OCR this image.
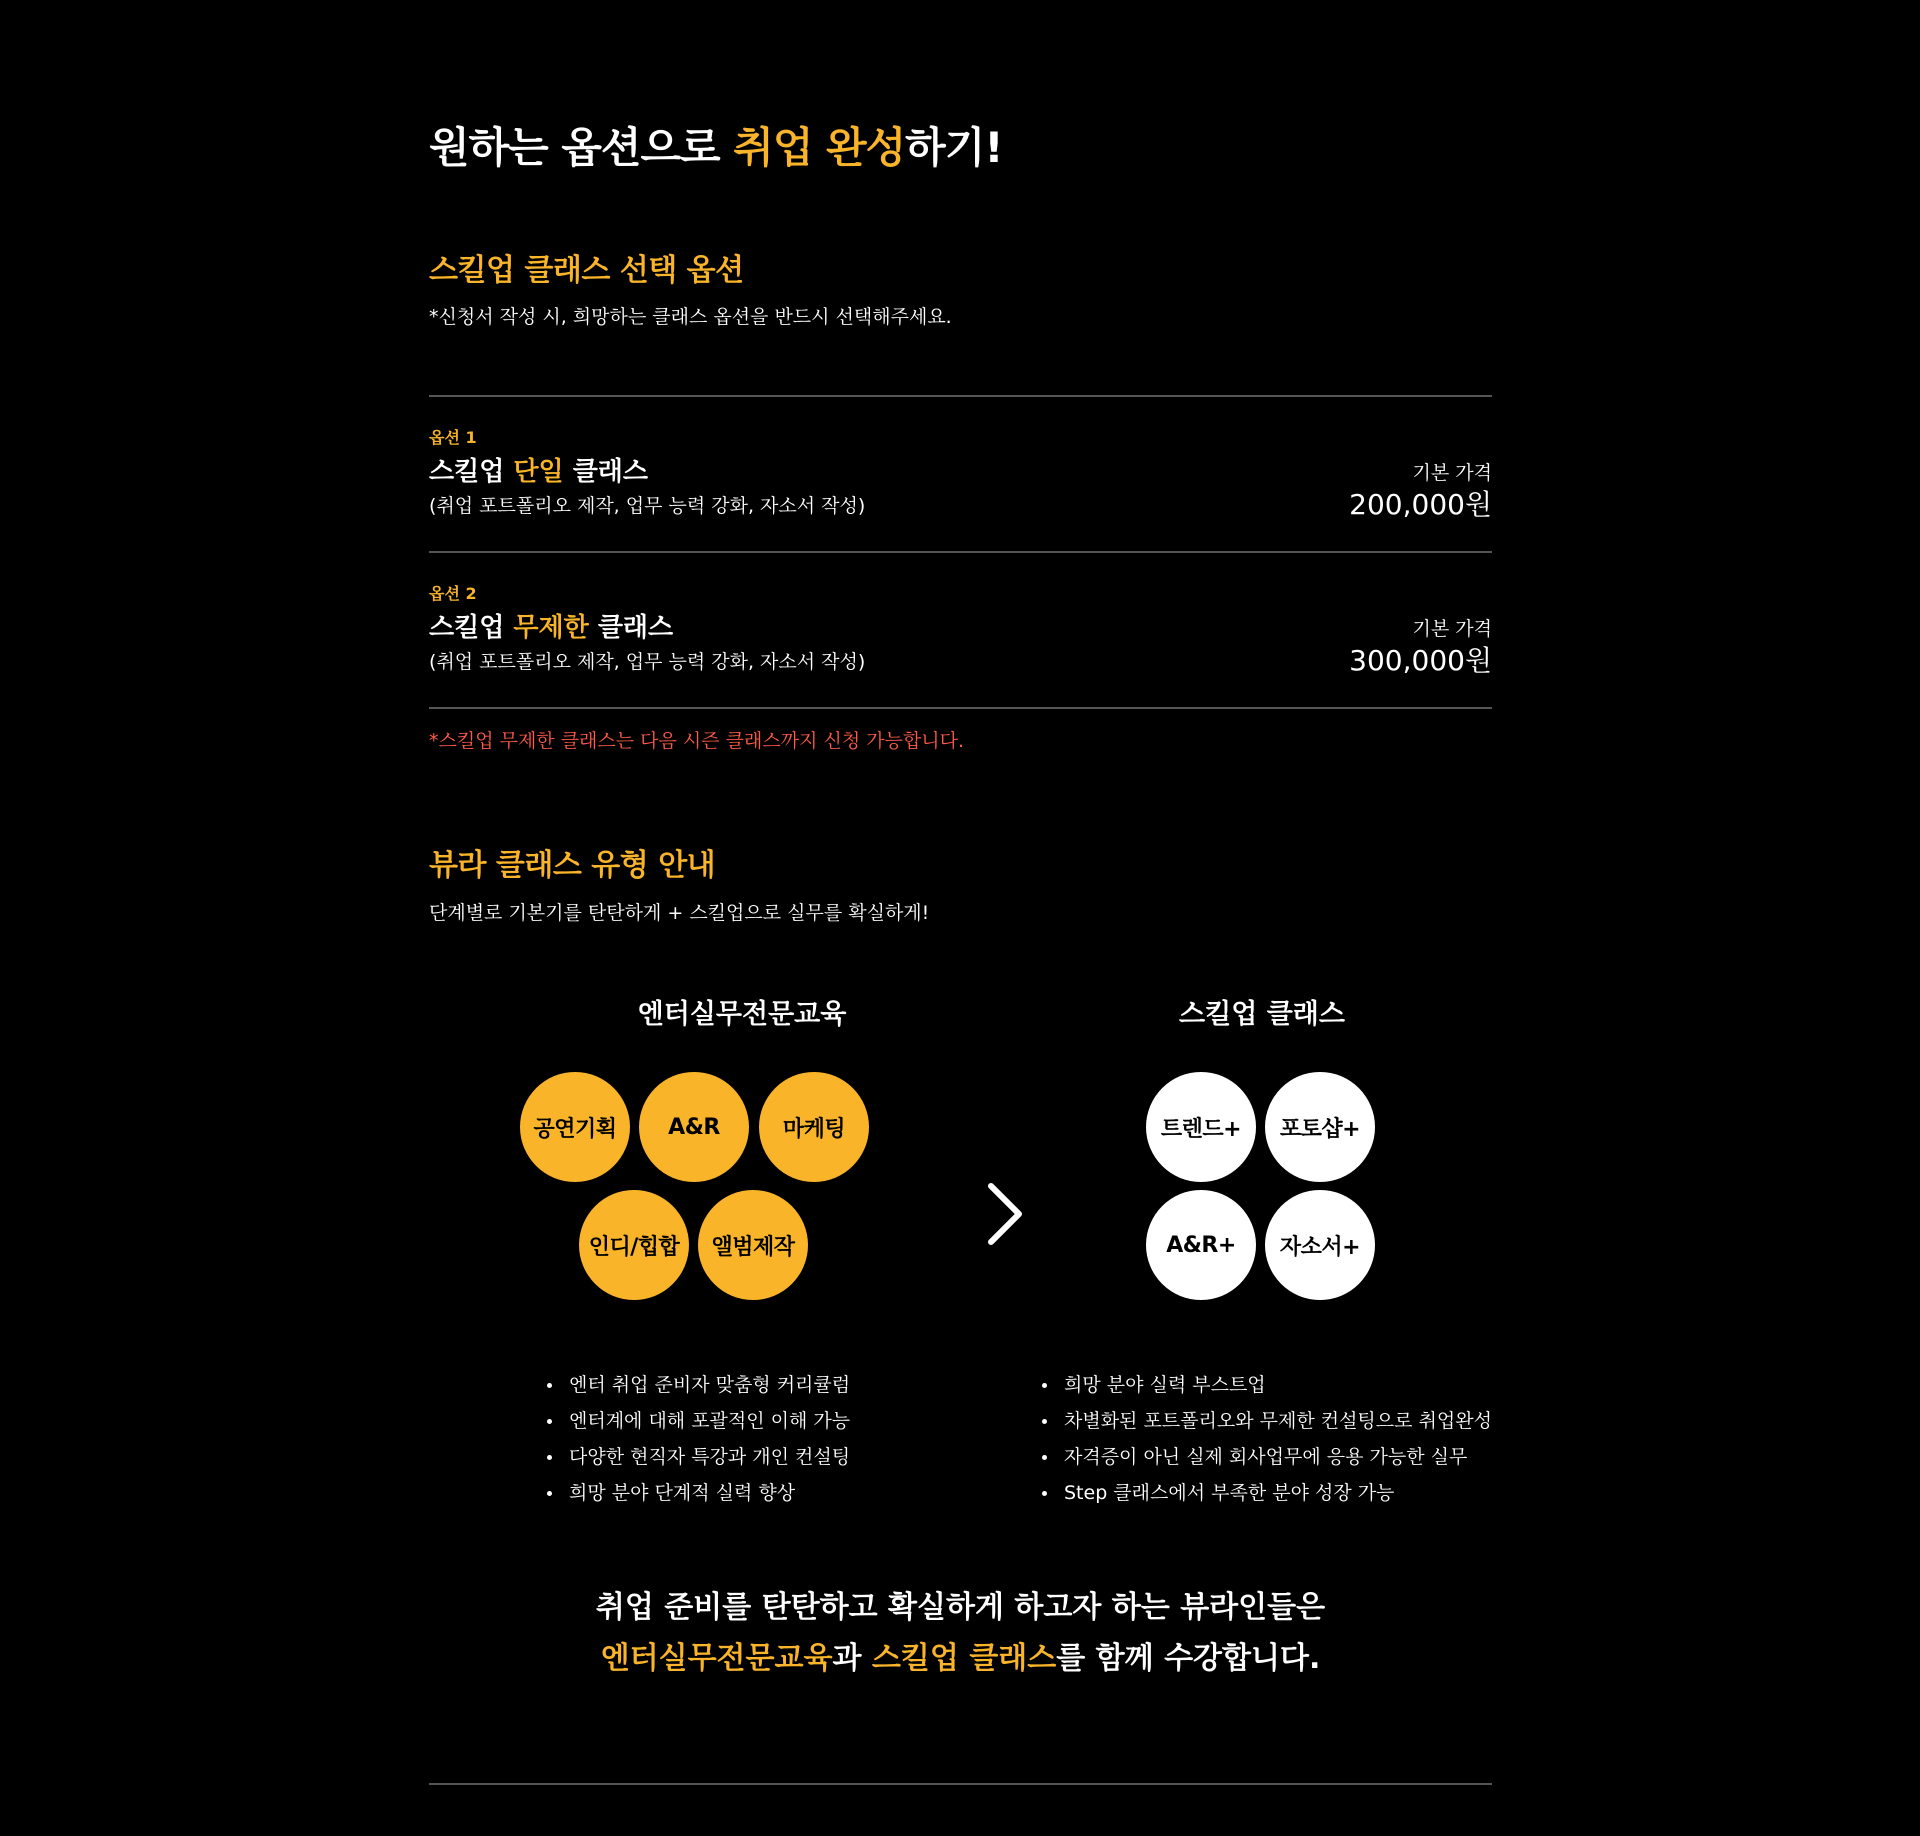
원하는 옵션으로 취업 완성하기!
스킬업 클래스 선택 옵션

*신청서 작성 시, 희망하는 클래스 옵션을 반드시 선택해주세요.

옵션 1
스킬업 단일 클래스
(취업 포트폴리오 제작, 업무 능력 강화, 자소서 작성)
기본 가격
200,000원
옵션 2
스킬업 무제한 클래스
(취업 포트폴리오 제작, 업무 능력 강화, 자소서 작성)
기본 가격
300,000원

*스킬업 무제한 클래스는 다음 시즌 클래스까지 신청 가능합니다.

뷰라 클래스 유형 안내

단계별로 기본기를 탄탄하게 + 스킬업으로 실무를 확실하게!

엔터실무전문교육	스킬업 클래스
공연기획	A&R	마케팅
인디/힙합	앨범제작
트렌드+	포토샵+
A&R+	자소서+
엔터 취업 준비자 맞춤형 커리큘럼
엔터계에 대해 포괄적인 이해 가능
다양한 현직자 특강과 개인 컨설팅
희망 분야 단계적 실력 향상
희망 분야 실력 부스트업
차별화된 포트폴리오와 무제한 컨설팅으로 취업완성
자격증이 아닌 실제 회사업무에 응용 가능한 실무
Step 클래스에서 부족한 분야 성장 가능

취업 준비를 탄탄하고 확실하게 하고자 하는 뷰라인들은

엔터실무전문교육과 스킬업 클래스를 함께 수강합니다.
